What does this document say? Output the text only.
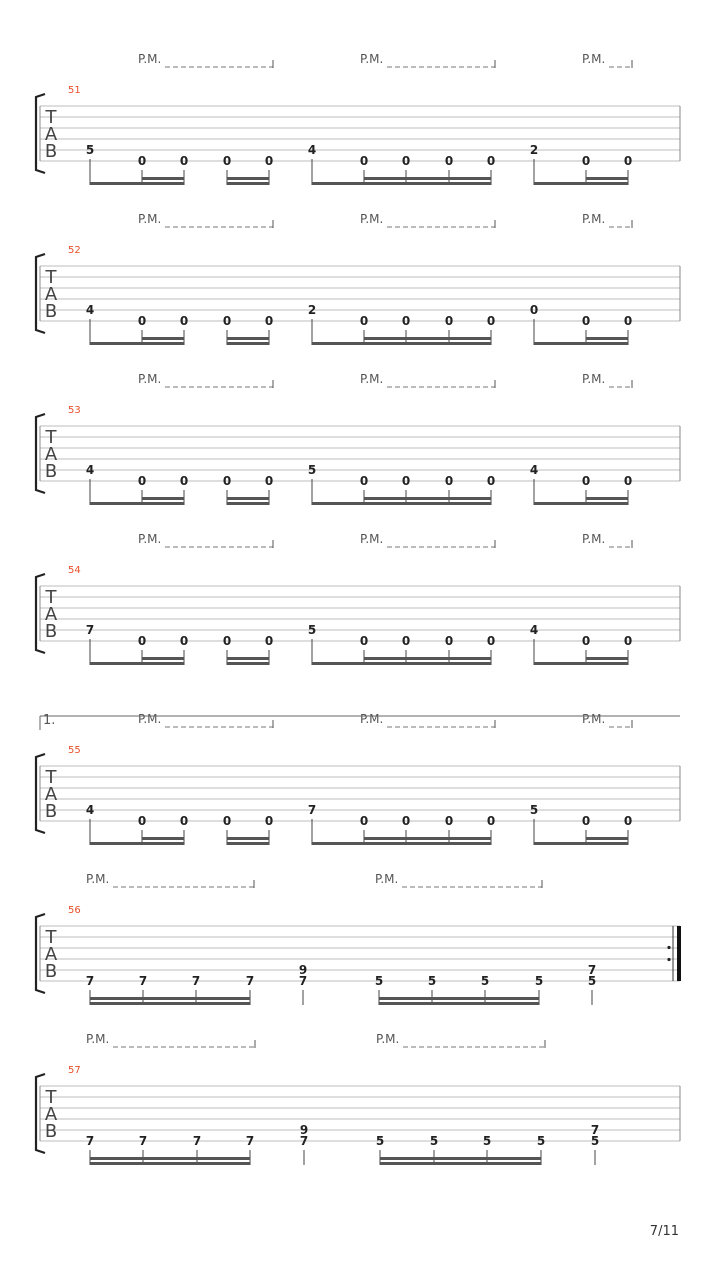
T
A
B
51
5
0	0	0	0
4
0	0	0	0
2
0	0
P.M.	P.M.	P.M.
T
A
B
52
4
0	0	0	0
2
0	0	0	0
0
0	0
P.M.	P.M.	P.M.
T
A
B
53
4
0	0	0	0
5
0	0	0	0
4
0	0
P.M.	P.M.	P.M.
T
A
B
54
7
0	0	0	0
5
0	0	0	0
4
0	0
P.M.	P.M.	P.M.
T
A
B
55
4
0	0	0	0
7
0	0	0	0
5
0	0
P.M.	P.M.	P.M.
1.
T
A
B
56
7	7	7	7
9
7	5	5	5	5
7
5
P.M.	P.M.
T
A
B
57
7	7	7	7
9
7	5	5	5	5
7
5
P.M.	P.M.
7/11
